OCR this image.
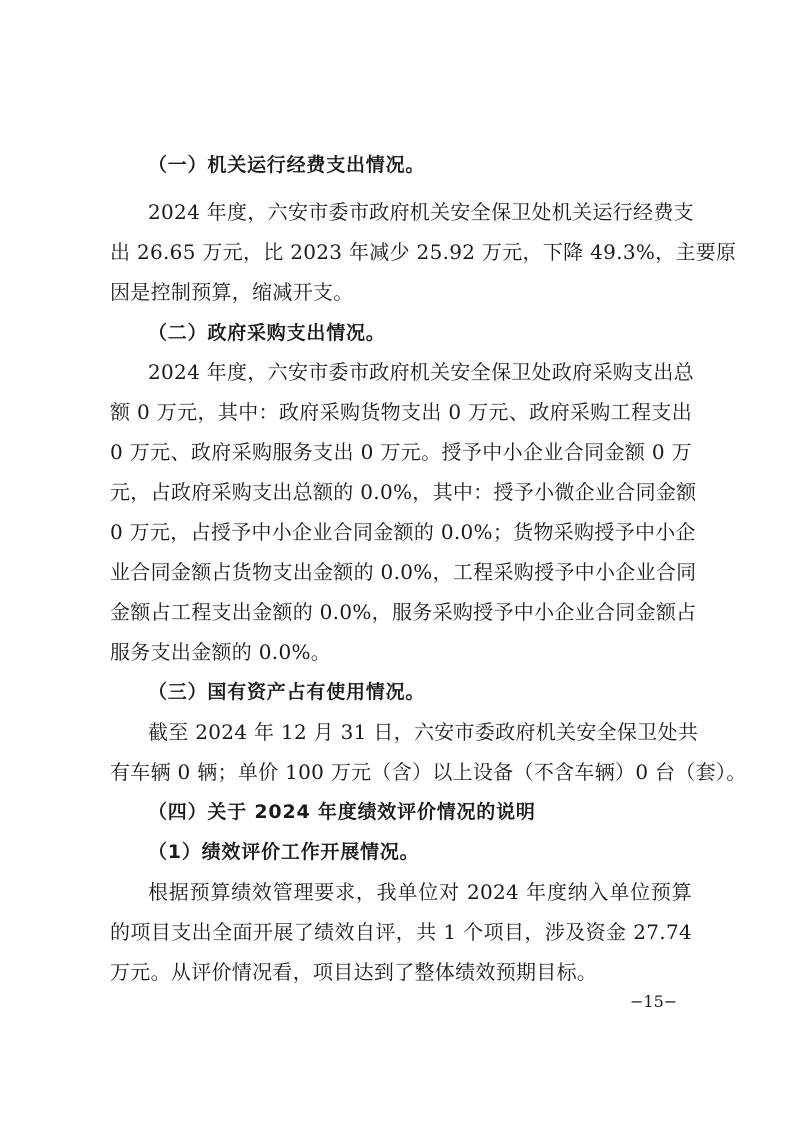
（一）机关运行经费支出情况。
2024 年度，六安市委市政府机关安全保卫处机关运行经费支
出 26.65 万元，比 2023 年减少 25.92 万元，下降 49.3%，主要原
因是控制预算，缩减开支。
（二）政府采购支出情况。
2024 年度，六安市委市政府机关安全保卫处政府采购支出总
额 0 万元，其中：政府采购货物支出 0 万元、政府采购工程支出
0 万元、政府采购服务支出 0 万元。授予中小企业合同金额 0 万
元，占政府采购支出总额的 0.0%，其中：授予小微企业合同金额
0 万元，占授予中小企业合同金额的 0.0%；货物采购授予中小企
业合同金额占货物支出金额的 0.0%，工程采购授予中小企业合同
金额占工程支出金额的 0.0%，服务采购授予中小企业合同金额占
服务支出金额的 0.0%。
（三）国有资产占有使用情况。
截至 2024 年 12 月 31 日，六安市委政府机关安全保卫处共
有车辆 0 辆；单价 100 万元（含）以上设备（不含车辆）0 台（套）。
（四）关于 2024 年度绩效评价情况的说明
（1）绩效评价工作开展情况。
根据预算绩效管理要求，我单位对 2024 年度纳入单位预算
的项目支出全面开展了绩效自评，共 1 个项目，涉及资金 27.74
万元。从评价情况看，项目达到了整体绩效预期目标。
−15−
